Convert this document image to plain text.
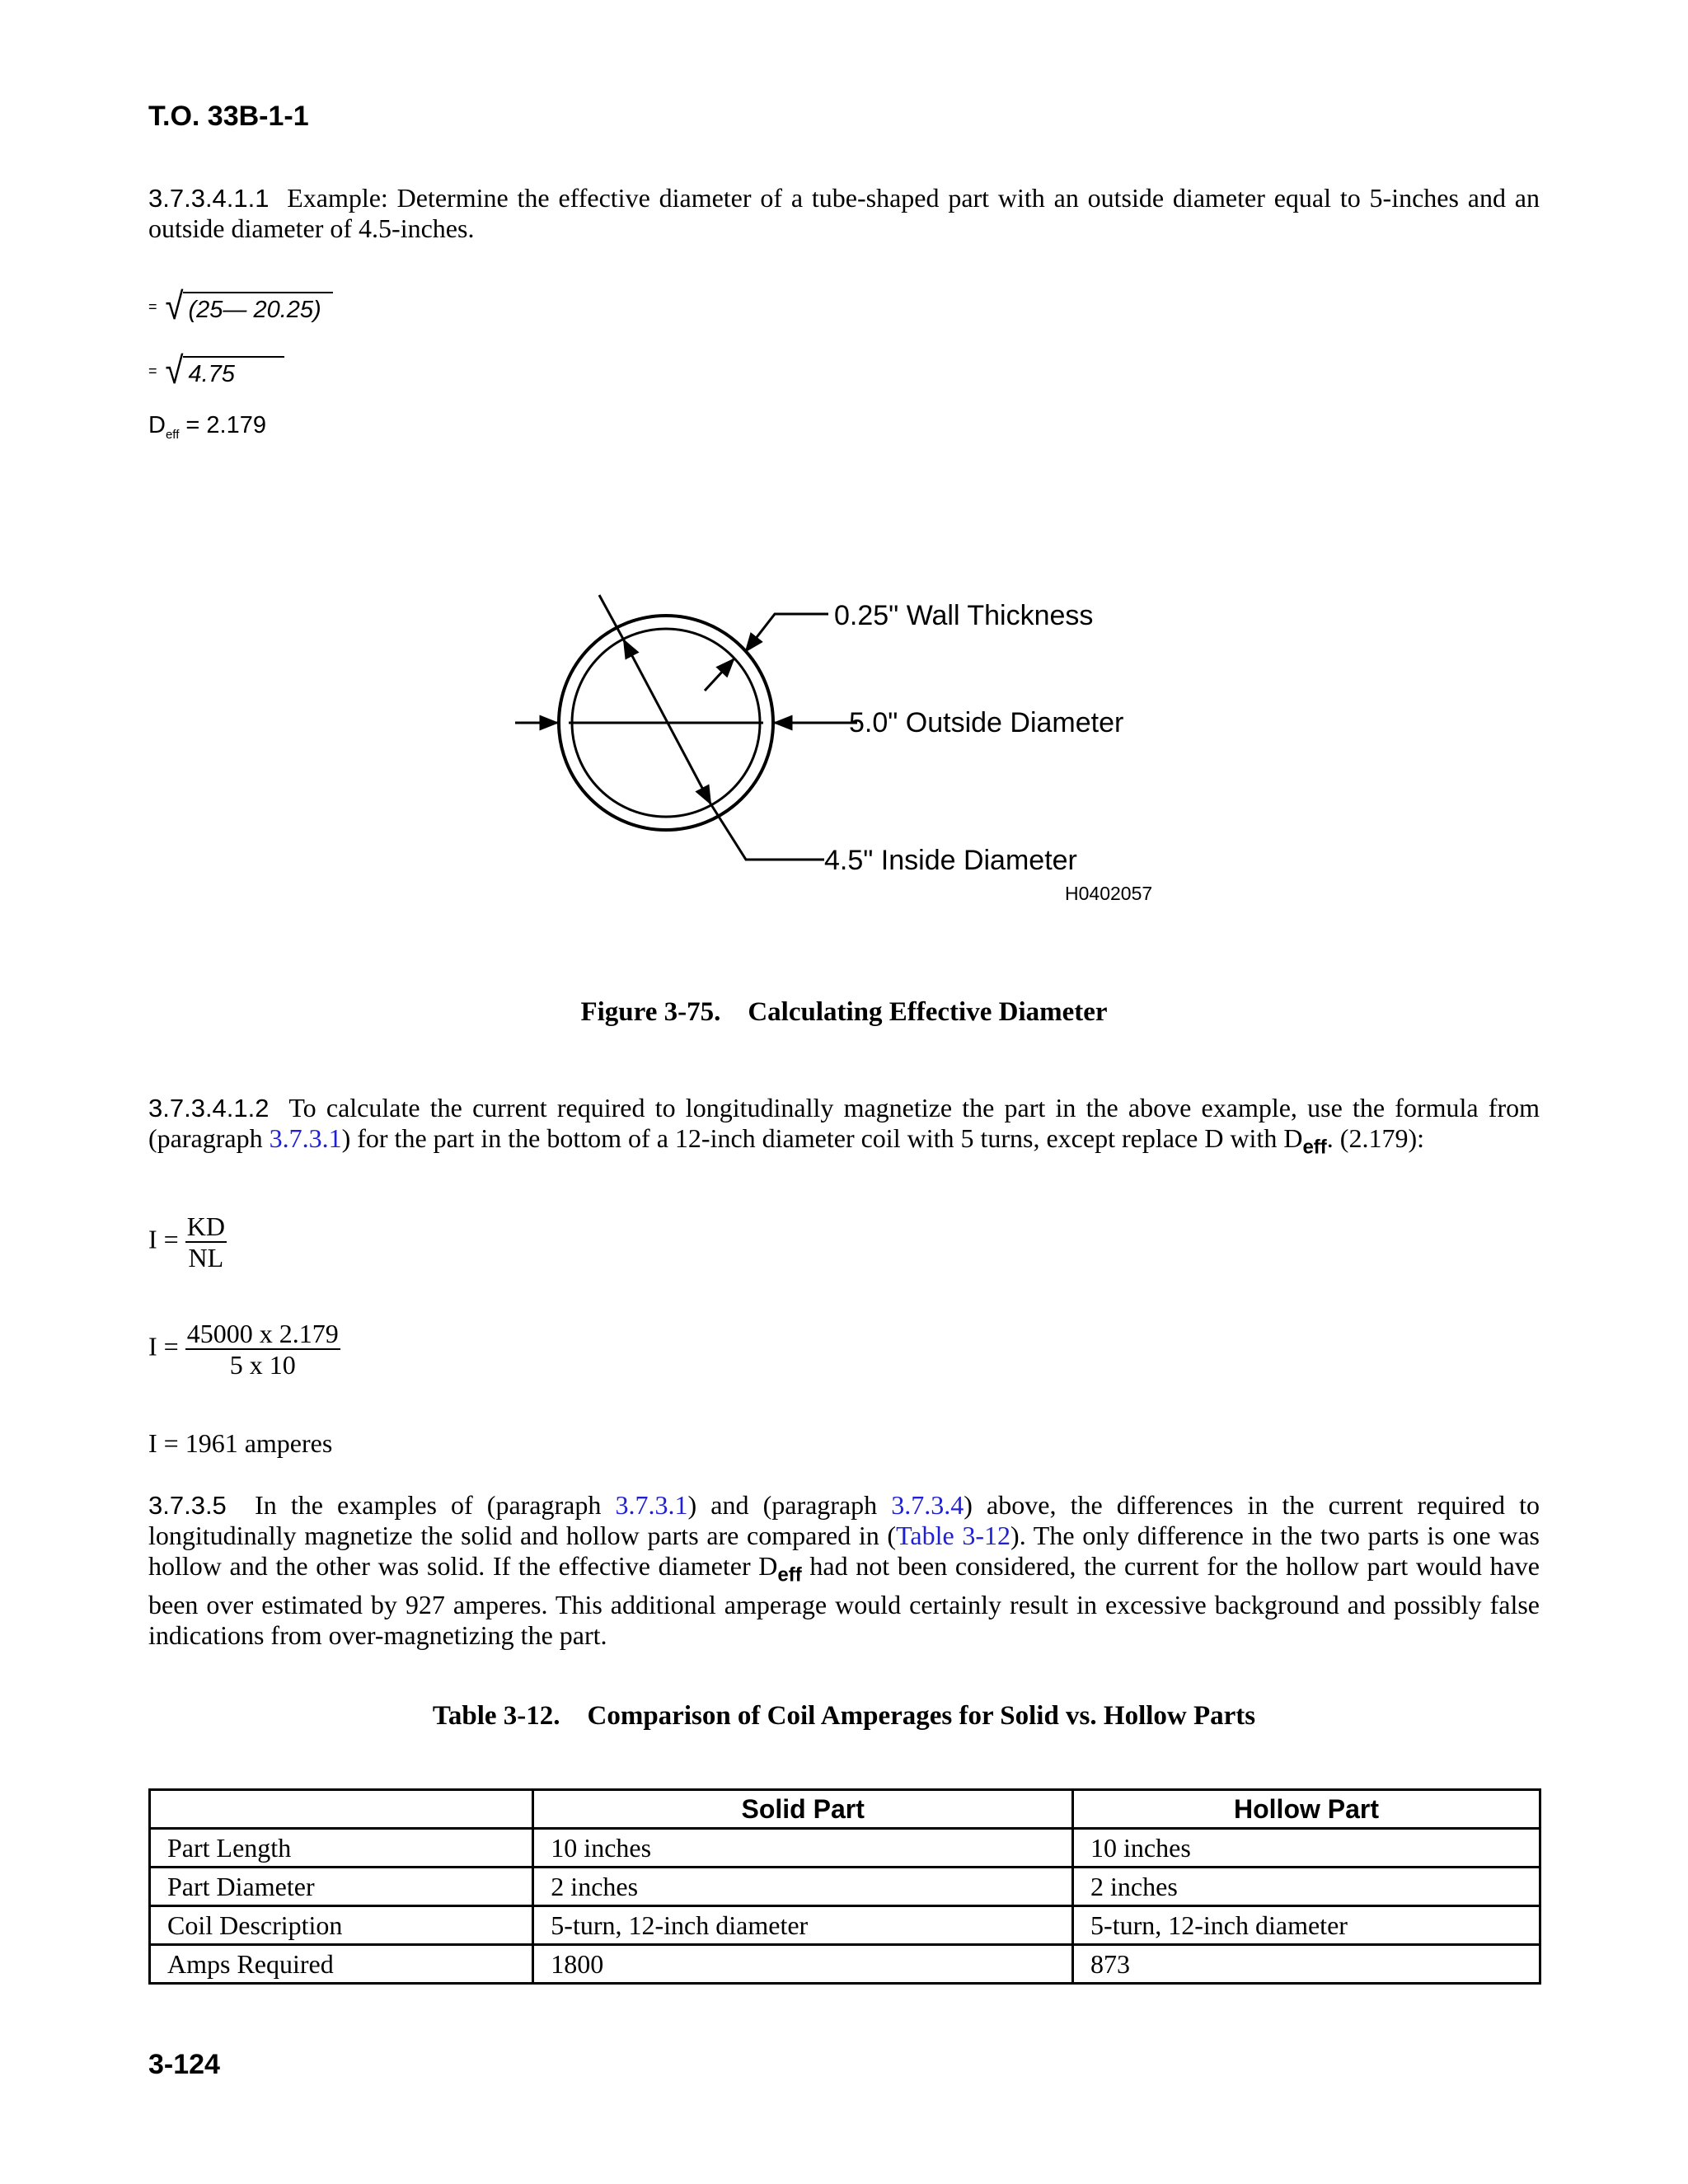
T.O. 33B-1-1
3.7.3.4.1.1 Example: Determine the effective diameter of a tube-shaped part with an outside diameter equal to 5-inches and an outside diameter of 4.5-inches.
= √ (25— 20.25)
= √ 4.75
$D_{eff} = 2.179$
0.25" Wall Thickness
5.0" Outside Diameter
4.5" Inside Diameter
H0402057
Figure 3-75. Calculating Effective Diameter
3.7.3.4.1.2 To calculate the current required to longitudinally magnetize the part in the above example, use the formula from (paragraph 3.7.3.1) for the part in the bottom of a 12-inch diameter coil with 5 turns, except replace D with $D_{eff}$. (2.179):
$I = \frac{KD}{NL}$
$I = \frac{45000 x 2.179}{5 x 10}$
I = 1961 amperes
3.7.3.5 In the examples of (paragraph 3.7.3.1) and (paragraph 3.7.3.4) above, the differences in the current required to longitudinally magnetize the solid and hollow parts are compared in (Table 3-12). The only difference in the two parts is one was hollow and the other was solid. If the effective diameter $D_{eff}$ had not been considered, the current for the hollow part would have been over estimated by 927 amperes. This additional amperage would certainly result in excessive background and possibly false indications from over-magnetizing the part.
Table 3-12. Comparison of Coil Amperages for Solid vs. Hollow Parts
	Solid Part	Hollow Part
Part Length	10 inches	10 inches
Part Diameter	2 inches	2 inches
Coil Description	5-turn, 12-inch diameter	5-turn, 12-inch diameter
Amps Required	1800	873
3-124
